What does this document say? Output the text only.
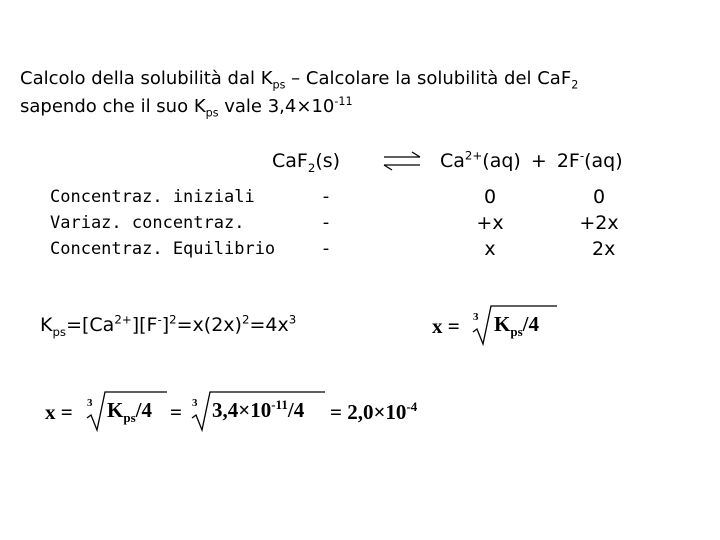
Calcolo della solubilità dal $K_{ps}$ – Calcolare la solubilità del CaF$_2$
sapendo che il suo $K_{ps}$ vale $3,4\times 10^{-11}$
CaF$_2$(s)	⇌ $Ca^{2+}(aq) + 2F^-(aq)$
Concentraz. iniziali
Variaz. concentraz.
Concentraz. Equilibrio
-
-
-
0
+x
x
0
+2x
2x
$K_{ps}=[Ca^{2+}][F^-]^2=x(2x)^2=4x^3$	x = 3 $K_{ps}/4$
x = 3 $K_{ps}/4 = 3$ $3,4\times 10^{-11}/4 = 2,0\times 10^{-4}$
